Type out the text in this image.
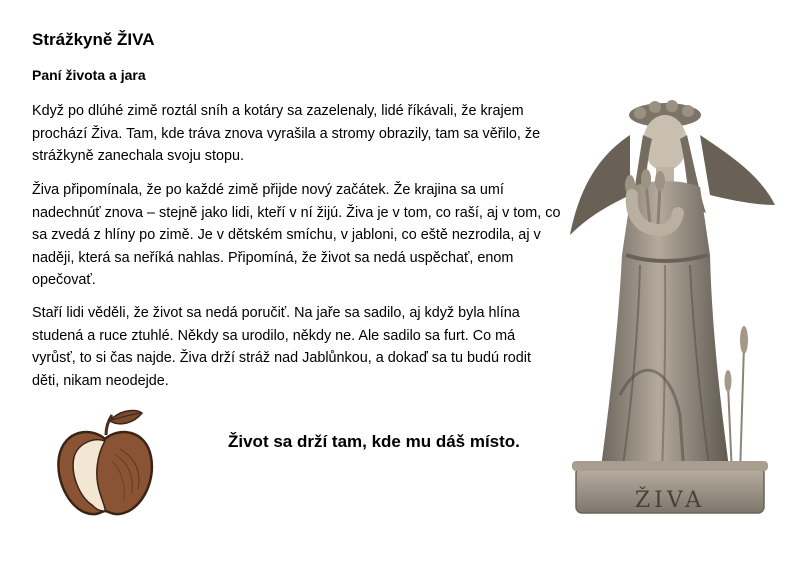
Strážkyně ŽIVA
Paní života a jara

Když po dlúhé zimě roztál sníh a kotáry sa zazelenaly, lidé říkávali, že krajem prochází Živa. Tam, kde tráva znova vyrašila a stromy obrazily, tam sa věřilo, že strážkyně zanechala svoju stopu.

Živa připomínala, že po každé zimě přijde nový začátek. Že krajina sa umí nadechnúť znova – stejně jako lidi, kteří v ní žijú. Živa je v tom, co raší, aj v tom, co sa zvedá z hlíny po zimě. Je v dětském smíchu, v jabloni, co eště nezrodila, aj v naději, která sa neříká nahlas. Připomíná, že život sa nedá uspěchať, enom opečovať.

Staří lidi věděli, že život sa nedá poručiť. Na jaře sa sadilo, aj když byla hlína studená a ruce ztuhlé. Někdy sa urodilo, někdy ne. Ale sadilo sa furt. Co má vyrůsť, to si čas najde. Živa drží stráž nad Jablůnkou, a dokaď sa tu budú rodit děti, nikam neodejde.

Život sa drží tam, kde mu dáš místo.

ŽIVA
